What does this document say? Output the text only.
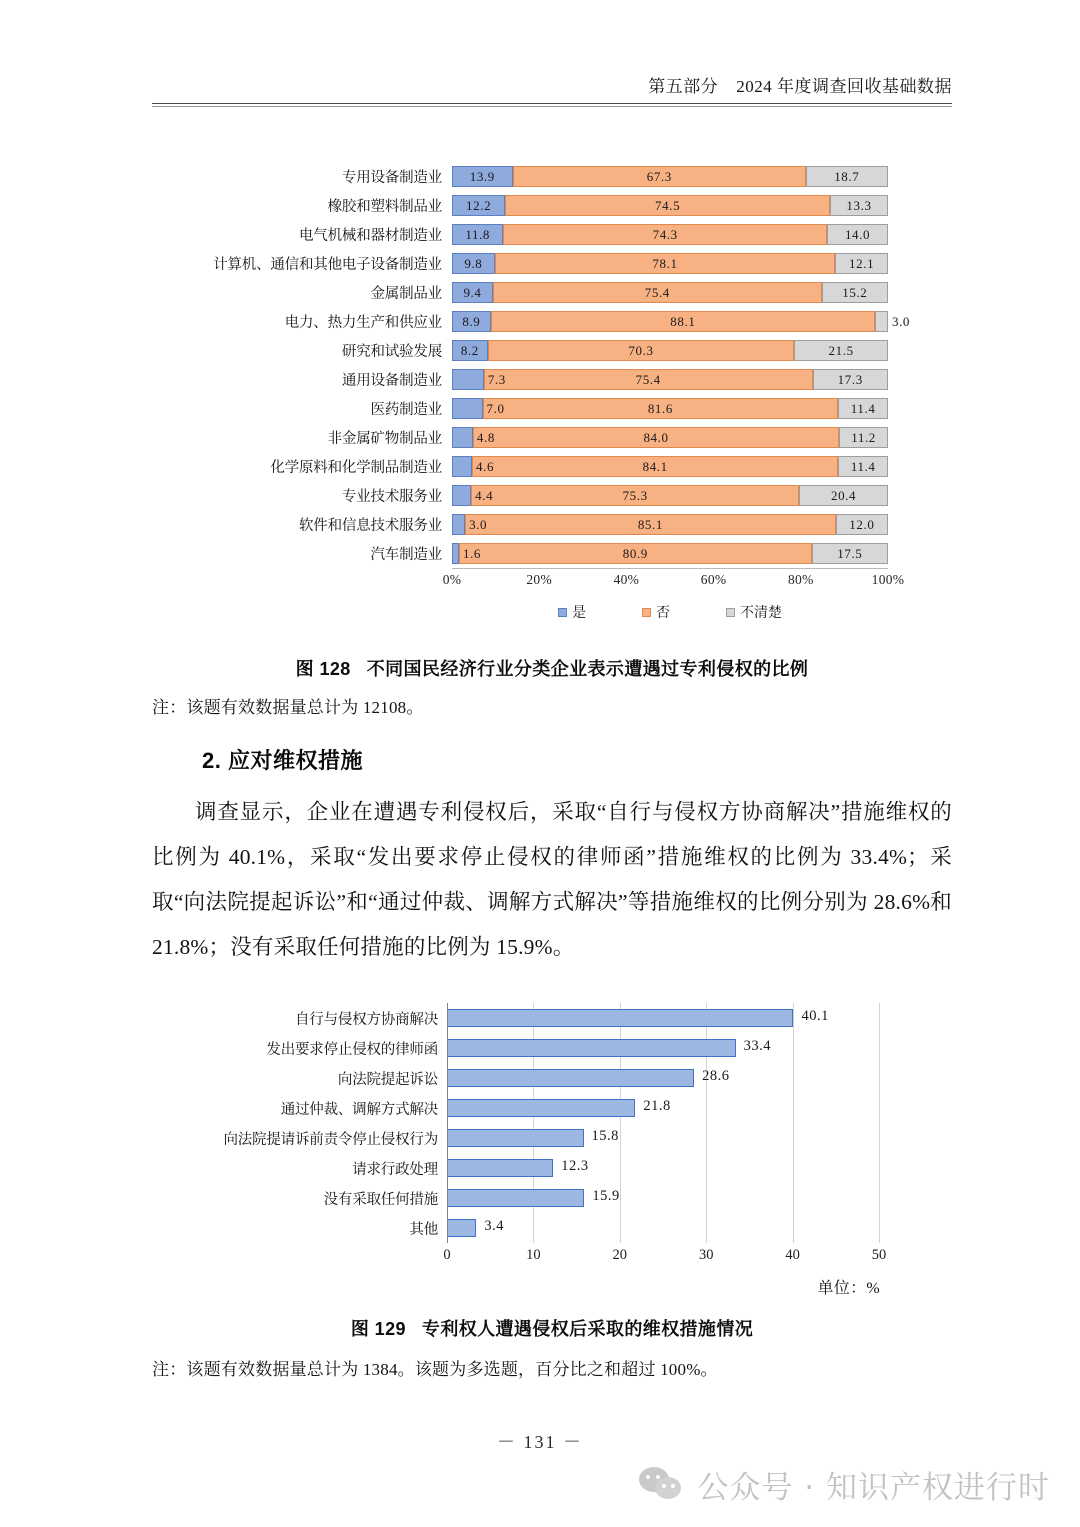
第五部分 2024 年度调查回收基础数据
专用设备制造业	13.9	67.3	18.7
橡胶和塑料制品业	12.2	74.5	13.3
电气机械和器材制造业	11.8	74.3	14.0
计算机、通信和其他电子设备制造业	9.8	78.1	12.1
金属制品业	9.4	75.4	15.2
电力、热力生产和供应业	8.9	88.1	3.0
研究和试验发展	8.2	70.3	21.5
通用设备制造业	7.3	75.4	17.3
医药制造业	7.0	81.6	11.4
非金属矿物制品业	4.8	84.0	11.2
化学原料和化学制品制造业	4.6	84.1	11.4
专业技术服务业	4.4	75.3	20.4
软件和信息技术服务业	3.0	85.1	12.0
汽车制造业	1.6	80.9	17.5
0%	20%	40%	60%	80%	100%
是	否	不清楚
图 128 不同国民经济行业分类企业表示遭遇过专利侵权的比例
注：该题有效数据量总计为 12108。
2. 应对维权措施
调查显示，企业在遭遇专利侵权后，采取“自行与侵权方协商解决”措施维权的比例为 40.1%，采取“发出要求停止侵权的律师函”措施维权的比例为 33.4%；采取“向法院提起诉讼”和“通过仲裁、调解方式解决”等措施维权的比例分别为 28.6%和 21.8%；没有采取任何措施的比例为 15.9%。
自行与侵权方协商解决	40.1
发出要求停止侵权的律师函	33.4
向法院提起诉讼	28.6
通过仲裁、调解方式解决	21.8
向法院提请诉前责令停止侵权行为	15.8
请求行政处理	12.3
没有采取任何措施	15.9
其他	3.4
0	10	20	30	40	50
单位：%
图 129 专利权人遭遇侵权后采取的维权措施情况
注：该题有效数据量总计为 1384。该题为多选题，百分比之和超过 100%。
－ 131 －
公众号 · 知识产权进行时
